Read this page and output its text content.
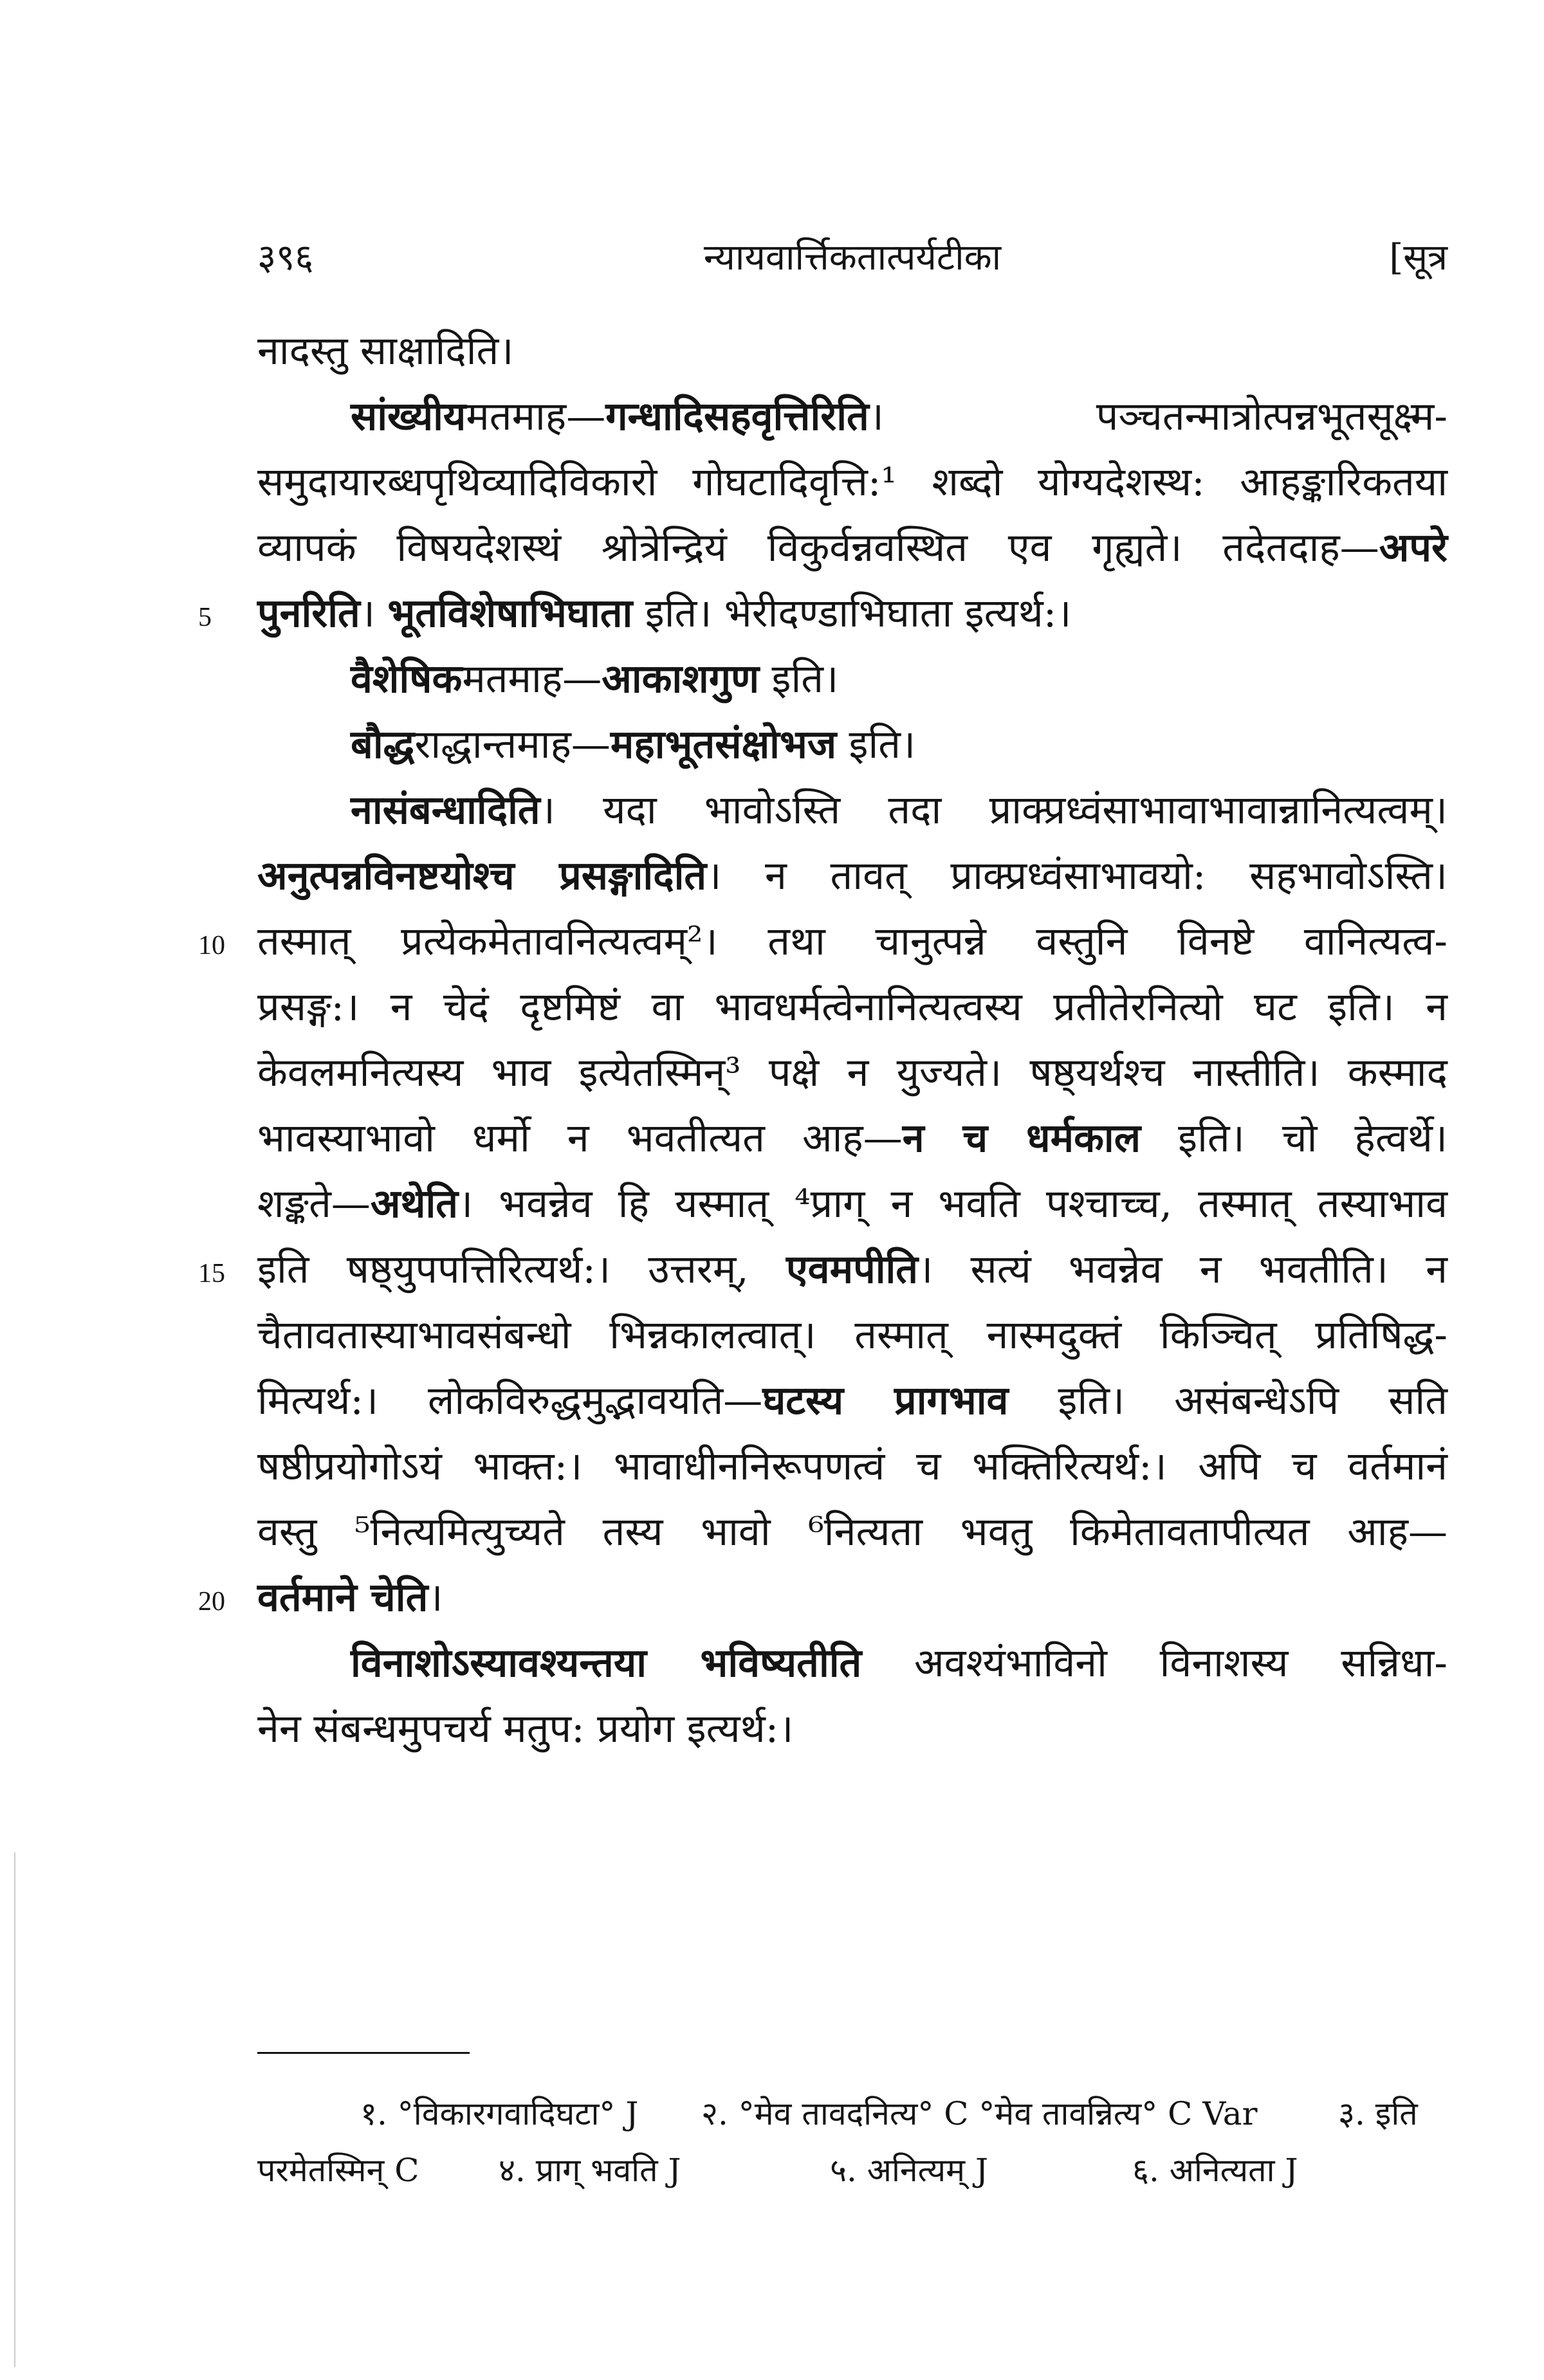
३९६	न्यायवार्त्तिकतात्पर्यटीका	[सूत्र
नादस्तु साक्षादिति।
सांख्यीयमतमाह—गन्धादिसहवृत्तिरिति। पञ्चतन्मात्रोत्पन्नभूतसूक्ष्म-
समुदायारब्धपृथिव्यादिविकारो गोघटादिवृत्ति:¹ शब्दो योग्यदेशस्थ: आहङ्कारिकतया
व्यापकं विषयदेशस्थं श्रोत्रेन्द्रियं विकुर्वन्नवस्थित एव गृह्यते। तदेतदाह—अपरे
5 पुनरिति। भूतविशेषाभिघाता इति। भेरीदण्डाभिघाता इत्यर्थ:।
वैशेषिकमतमाह—आकाशगुण इति।
बौद्धराद्धान्तमाह—महाभूतसंक्षोभज इति।
नासंबन्धादिति। यदा भावोऽस्ति तदा प्राक्प्रध्वंसाभावाभावान्नानित्यत्वम्।
अनुत्पन्नविनष्टयोश्च प्रसङ्गादिति। न तावत् प्राक्प्रध्वंसाभावयो: सहभावोऽस्ति।
10 तस्मात् प्रत्येकमेतावनित्यत्वम्²। तथा चानुत्पन्ने वस्तुनि विनष्टे वानित्यत्व-
प्रसङ्ग:। न चेदं दृष्टमिष्टं वा भावधर्मत्वेनानित्यत्वस्य प्रतीतेरनित्यो घट इति। न
केवलमनित्यस्य भाव इत्येतस्मिन्³ पक्षे न युज्यते। षष्ठ्यर्थश्च नास्तीति। कस्माद
भावस्याभावो धर्मो न भवतीत्यत आह—न च धर्मकाल इति। चो हेत्वर्थे।
शङ्कते—अथेति। भवन्नेव हि यस्मात् ⁴प्राग् न भवति पश्चाच्च, तस्मात् तस्याभाव
15 इति षष्ठ्युपपत्तिरित्यर्थ:। उत्तरम्, एवमपीति। सत्यं भवन्नेव न भवतीति। न
चैतावतास्याभावसंबन्धो भिन्नकालत्वात्। तस्मात् नास्मदुक्तं किञ्चित् प्रतिषिद्ध-
मित्यर्थ:। लोकविरुद्धमुद्भावयति—घटस्य प्रागभाव इति। असंबन्धेऽपि सति
षष्ठीप्रयोगोऽयं भाक्त:। भावाधीननिरूपणत्वं च भक्तिरित्यर्थ:। अपि च वर्तमानं
वस्तु ⁵नित्यमित्युच्यते तस्य भावो ⁶नित्यता भवतु किमेतावतापीत्यत आह—
20 वर्तमाने चेति।
विनाशोऽस्यावश्यन्तया भविष्यतीति अवश्यंभाविनो विनाशस्य सन्निधा-
नेन संबन्धमुपचर्य मतुप: प्रयोग इत्यर्थ:।
१. °विकारगवादिघटा° J २. °मेव तावदनित्य° C °मेव तावन्नित्य° C Var	३. इति
परमेतस्मिन् C ४. प्राग् भवति J	५. अनित्यम् J	६. अनित्यता J
